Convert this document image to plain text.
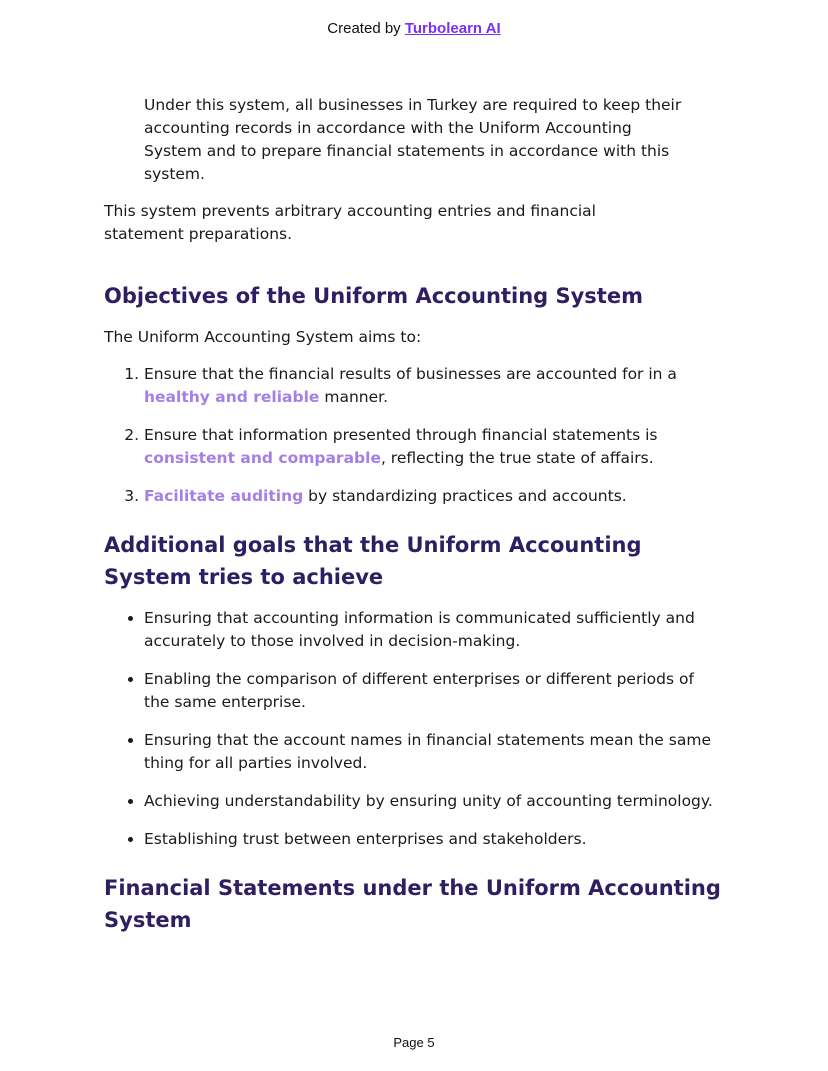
Created by Turbolearn AI

Under this system, all businesses in Turkey are required to keep their accounting records in accordance with the Uniform Accounting System and to prepare financial statements in accordance with this system.

This system prevents arbitrary accounting entries and financial statement preparations.

Objectives of the Uniform Accounting System

The Uniform Accounting System aims to:

1. Ensure that the financial results of businesses are accounted for in a healthy and reliable manner.
2. Ensure that information presented through financial statements is consistent and comparable, reflecting the true state of affairs.
3. Facilitate auditing by standardizing practices and accounts.
Additional goals that the Uniform Accounting System tries to achieve
• Ensuring that accounting information is communicated sufficiently and accurately to those involved in decision-making.
• Enabling the comparison of different enterprises or different periods of the same enterprise.
• Ensuring that the account names in financial statements mean the same thing for all parties involved.
• Achieving understandability by ensuring unity of accounting terminology.
• Establishing trust between enterprises and stakeholders.
Financial Statements under the Uniform Accounting System
Page 5
